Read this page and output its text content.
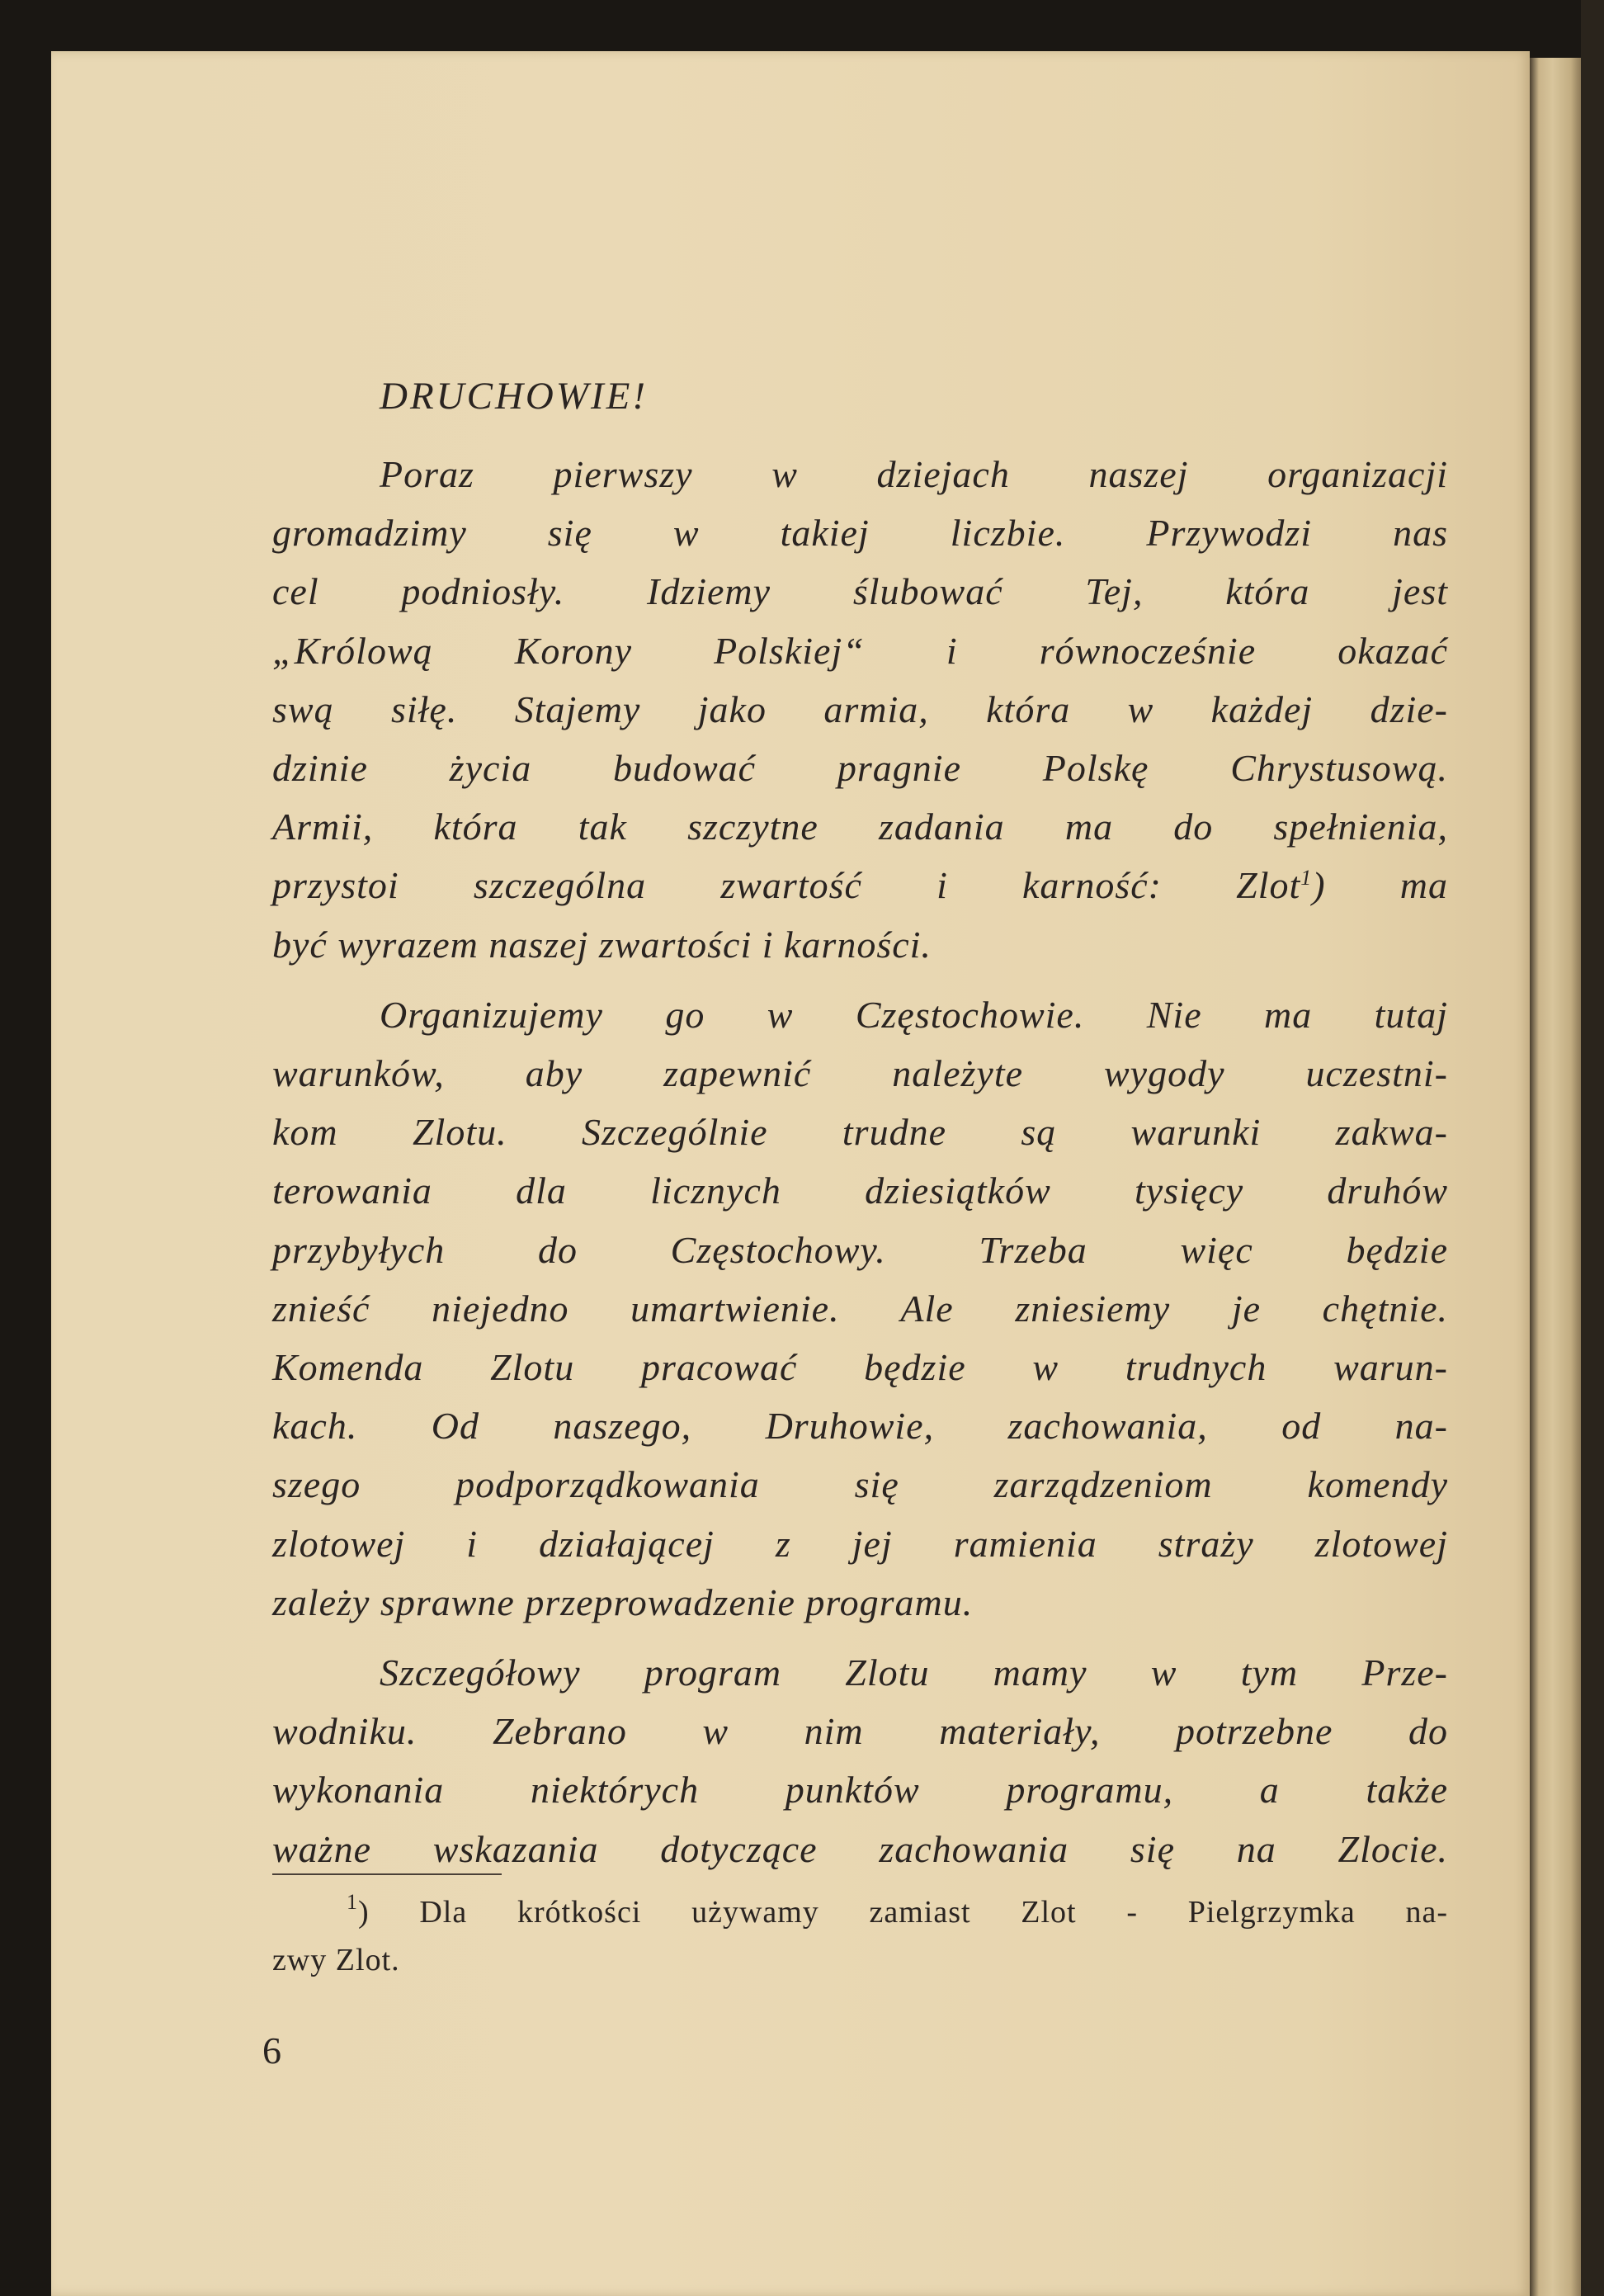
DRUCHOWIE!
Poraz pierwszy w dziejach naszej organizacji
gromadzimy się w takiej liczbie. Przywodzi nas
cel podniosły. Idziemy ślubować Tej, która jest
„Królową Korony Polskiej“ i równocześnie okazać
swą siłę. Stajemy jako armia, która w każdej dzie-
dzinie życia budować pragnie Polskę Chrystusową.
Armii, która tak szczytne zadania ma do spełnienia,
przystoi szczególna zwartość i karność: Zlot$^1$) ma
być wyrazem naszej zwartości i karności.
Organizujemy go w Częstochowie. Nie ma tutaj
warunków, aby zapewnić należyte wygody uczestni-
kom Zlotu. Szczególnie trudne są warunki zakwa-
terowania dla licznych dziesiątków tysięcy druhów
przybyłych do Częstochowy. Trzeba więc będzie
znieść niejedno umartwienie. Ale zniesiemy je chętnie.
Komenda Zlotu pracować będzie w trudnych warun-
kach. Od naszego, Druhowie, zachowania, od na-
szego podporządkowania się zarządzeniom komendy
zlotowej i działającej z jej ramienia straży zlotowej
zależy sprawne przeprowadzenie programu.
Szczegółowy program Zlotu mamy w tym Prze-
wodniku. Zebrano w nim materiały, potrzebne do
wykonania niektórych punktów programu, a także
ważne wskazania dotyczące zachowania się na Zlocie.
$^1$) Dla krótkości używamy zamiast Zlot - Pielgrzymka na-
zwy Zlot.
6
